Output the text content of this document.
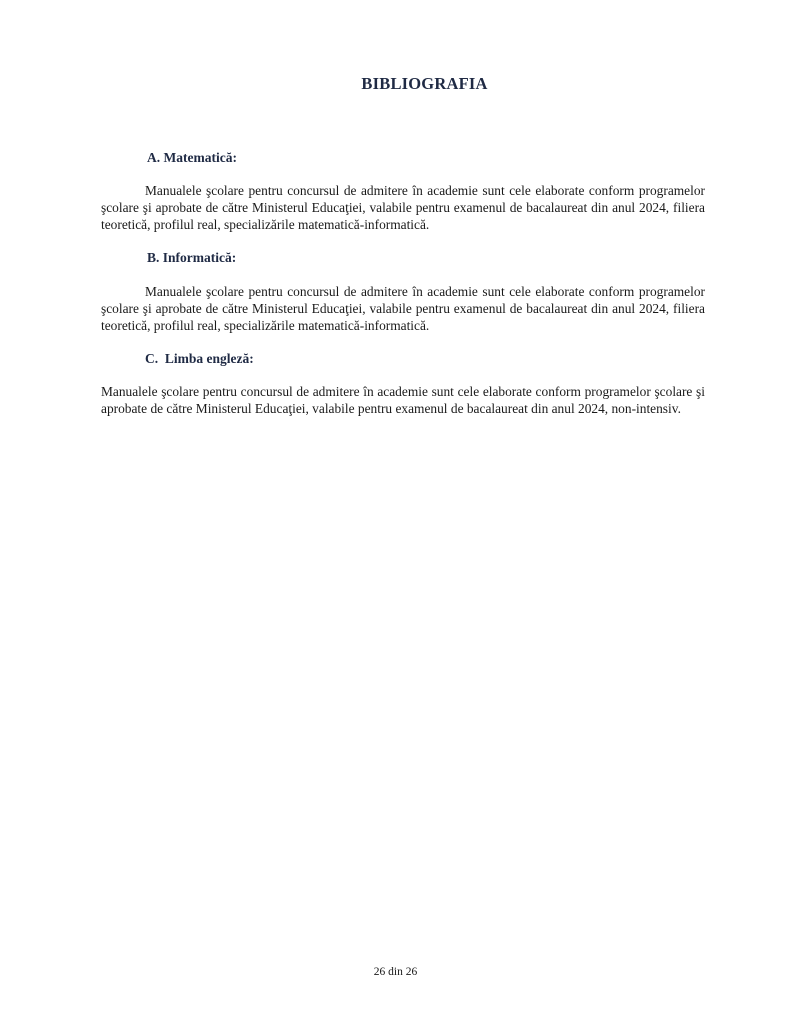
BIBLIOGRAFIA
A. Matematică:
Manualele şcolare pentru concursul de admitere în academie sunt cele elaborate conform programelor şcolare şi aprobate de către Ministerul Educaţiei, valabile pentru examenul de bacalaureat din anul 2024, filiera teoretică, profilul real, specializările matematică-informatică.
B. Informatică:
Manualele şcolare pentru concursul de admitere în academie sunt cele elaborate conform programelor şcolare şi aprobate de către Ministerul Educaţiei, valabile pentru examenul de bacalaureat din anul 2024, filiera teoretică, profilul real, specializările matematică-informatică.
C.  Limba engleză:
Manualele şcolare pentru concursul de admitere în academie sunt cele elaborate conform programelor şcolare şi aprobate de către Ministerul Educaţiei, valabile pentru examenul de bacalaureat din anul 2024, non-intensiv.
26 din 26
